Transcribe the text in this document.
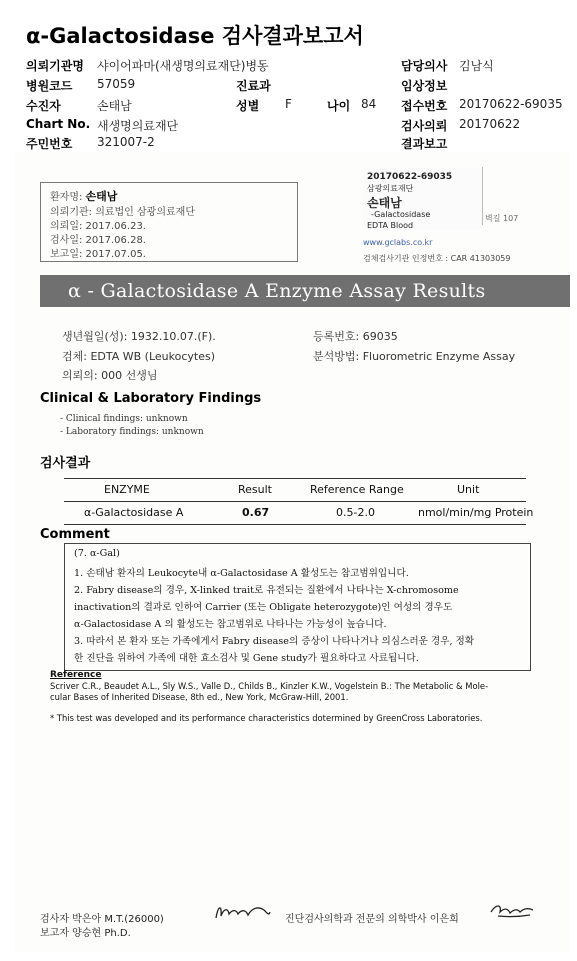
α-Galactosidase 검사결과보고서
의뢰기관명 샤이어파마(새생명의료재단)병동	담당의사 김남식
병원코드 57059	진료과	임상정보
수진자	손태남	성별 F	나이 84 접수번호 20170622-69035
Chart No. 새생명의료재단	검사의뢰 20170622
주민번호 321007-2	결과보고
환자명: 손태남
의뢰기관: 의료법인 삼광의료재단
의뢰일: 2017.06.23.
검사일: 2017.06.28.
보고일: 2017.07.05.
20170622-69035
삼광의료재단
손태남
-Galactosidase
EDTA Blood
벽길 107
www.gclabs.co.kr
검체검사기관 인정번호 : CAR 41303059
α - Galactosidase A Enzyme Assay Results
생년월일(성): 1932.10.07.(F).	등록번호: 69035
검체: EDTA WB (Leukocytes)	분석방법: Fluorometric Enzyme Assay
의뢰의: 000 선생님
Clinical & Laboratory Findings
- Clinical findings: unknown
- Laboratory findings: unknown
검사결과
ENZYME	Result	Reference Range	Unit
α-Galactosidase A	0.67	0.5-2.0	nmol/min/mg Protein
Comment
(7. α-Gal)
1. 손태남 환자의 Leukocyte내 α-Galactosidase A 활성도는 참고범위입니다.
2. Fabry disease의 경우, X-linked trait로 유전되는 질환에서 나타나는 X-chromosome
inactivation의 결과로 인하여 Carrier (또는 Obligate heterozygote)인 여성의 경우도
α-Galactosidase A 의 활성도는 참고범위로 나타나는 가능성이 높습니다.
3. 따라서 본 환자 또는 가족에게서 Fabry disease의 증상이 나타나거나 의심스러운 경우, 정확
한 진단을 위하여 가족에 대한 효소검사 및 Gene study가 필요하다고 사료됩니다.
Reference
Scriver C.R., Beaudet A.L., Sly W.S., Valle D., Childs B., Kinzler K.W., Vogelstein B.: The Metabolic & Mole-
cular Bases of Inherited Disease, 8th ed., New York, McGraw-Hill, 2001.
* This test was developed and its performance characteristics dotermined by GreenCross Laboratories.
검사자 박은아 M.T.(26000)
보고자 양승현 Ph.D.
진단검사의학과 전문의 의학박사 이은희
